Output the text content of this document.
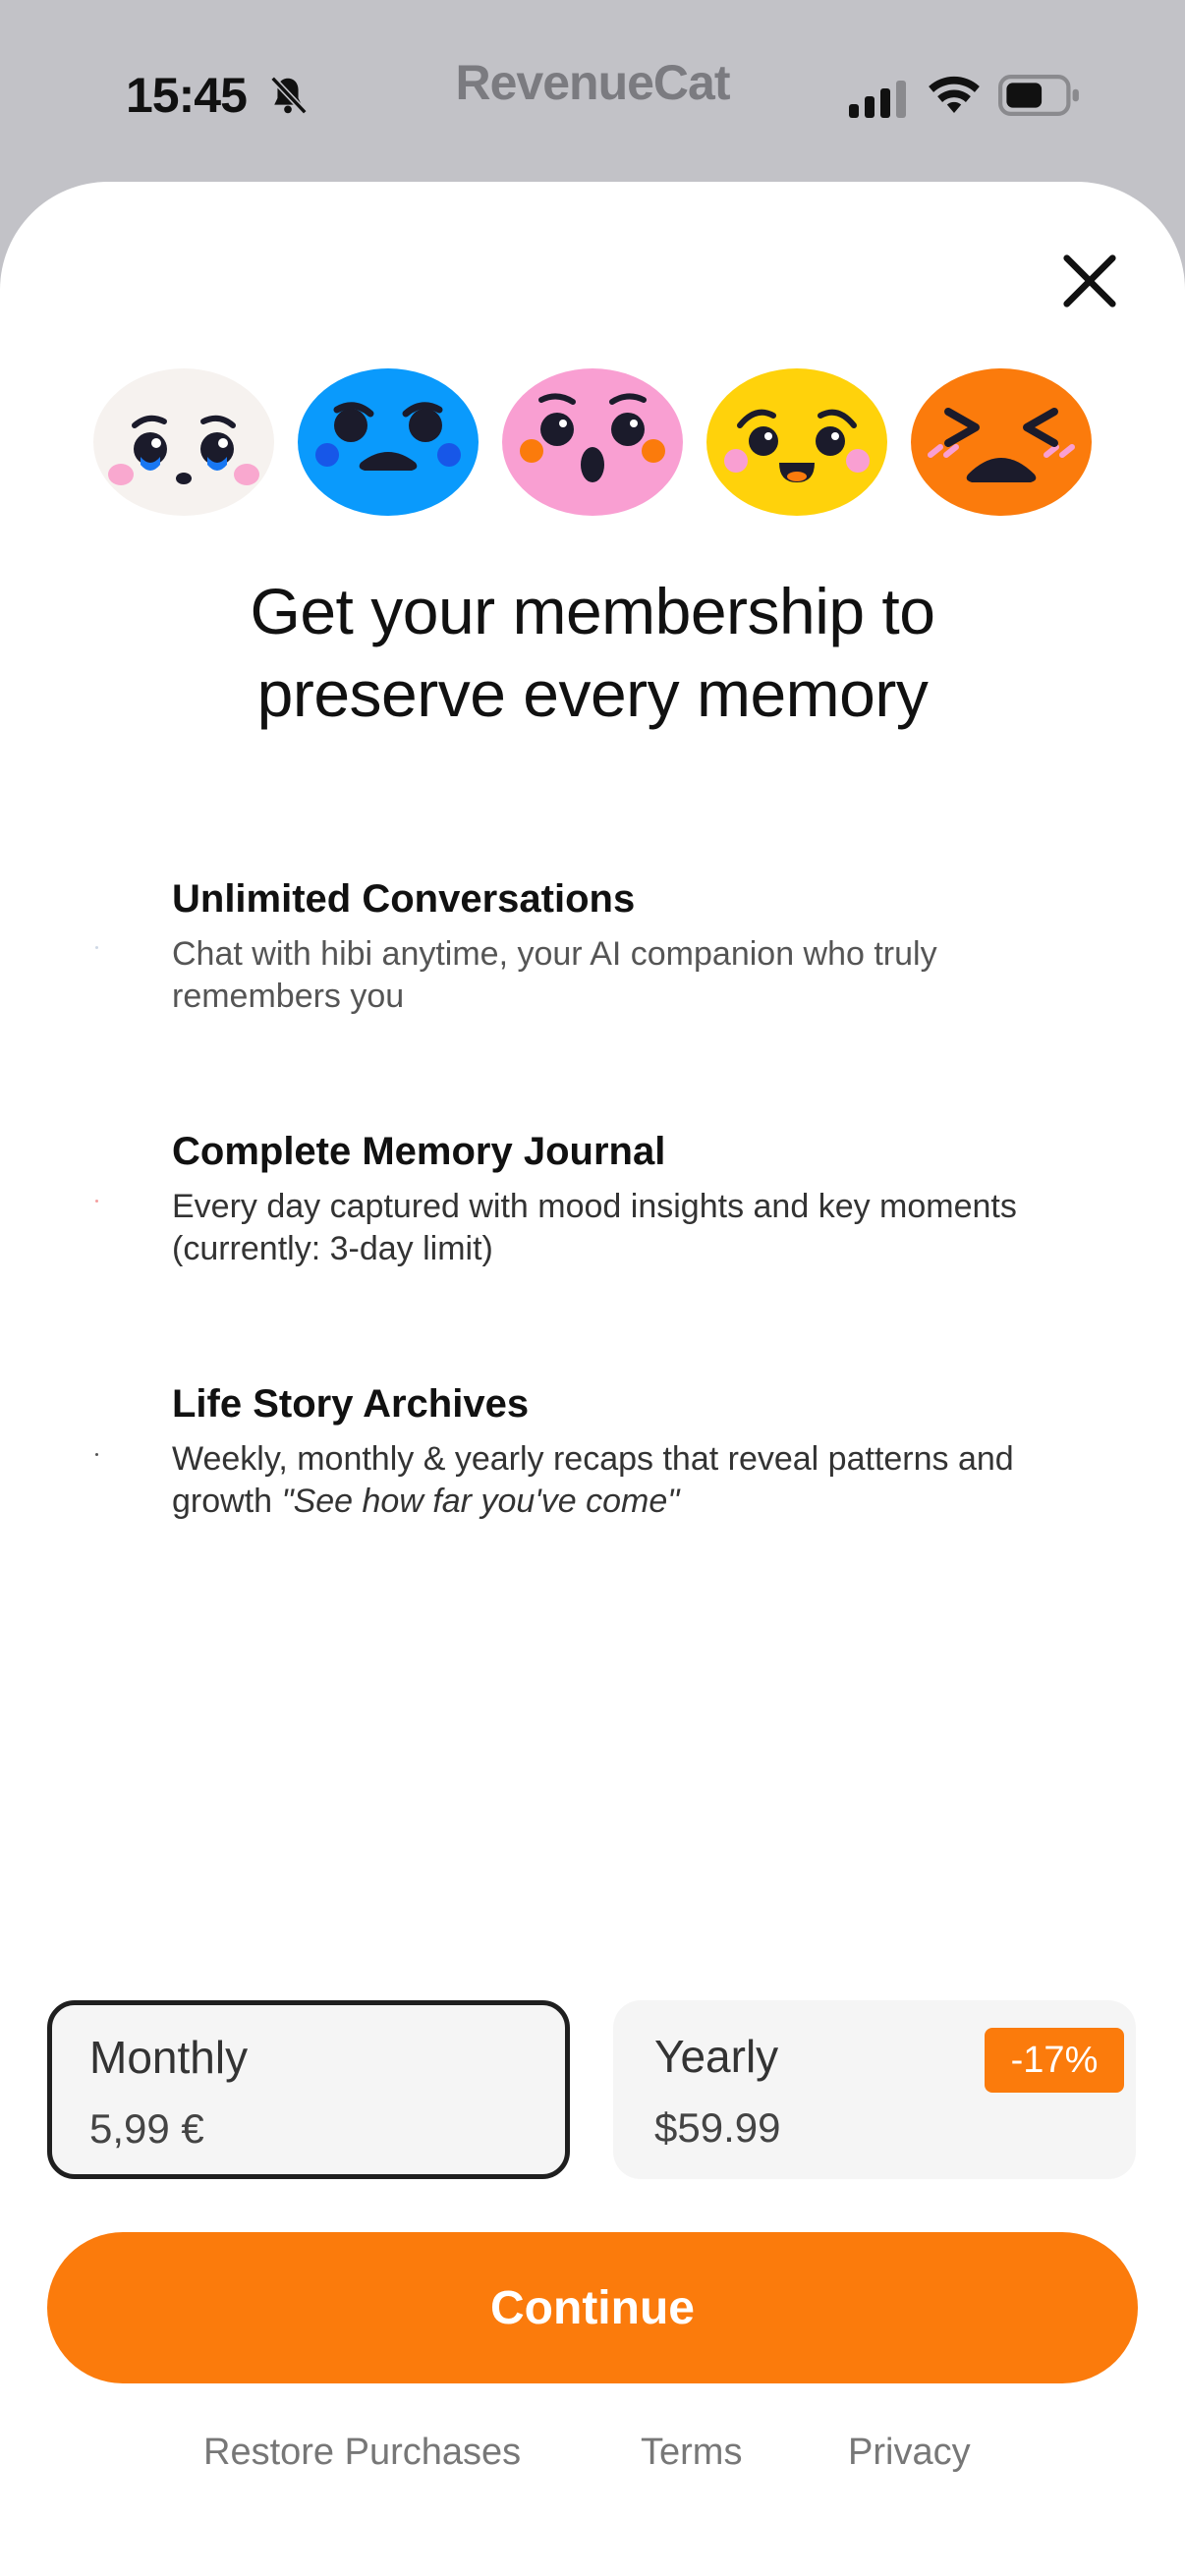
15:45	RevenueCat
Get your membership to
preserve every memory
Unlimited Conversations
Chat with hibi anytime, your AI companion who truly remembers you
Complete Memory Journal
Every day captured with mood insights and key moments (currently: 3-day limit)
Life Story Archives
Weekly, monthly & yearly recaps that reveal patterns and growth "See how far you've come"
Monthly
5,99 €
Yearly
$59.99
-17%
Continue
Restore Purchases	Terms	Privacy
